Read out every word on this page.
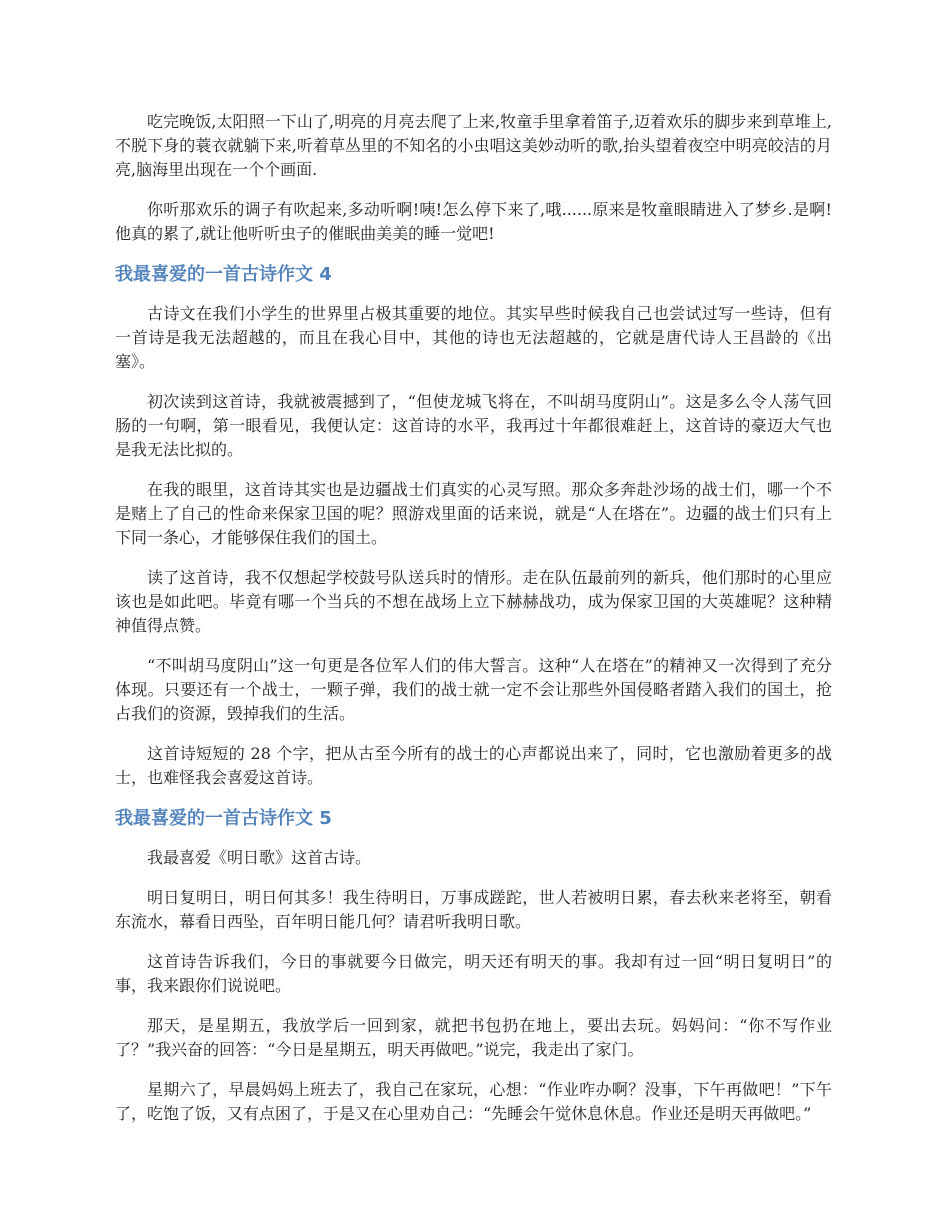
吃完晚饭,太阳照一下山了,明亮的月亮去爬了上来,牧童手里拿着笛子,迈着欢乐的脚步来到草堆上,不脱下身的蓑衣就躺下来,听着草丛里的不知名的小虫唱这美妙动听的歌,抬头望着夜空中明亮皎洁的月亮,脑海里出现在一个个画面.

你听那欢乐的调子有吹起来,多动听啊!咦!怎么停下来了,哦......原来是牧童眼睛进入了梦乡.是啊!他真的累了,就让他听听虫子的催眠曲美美的睡一觉吧!

我最喜爱的一首古诗作文 4

古诗文在我们小学生的世界里占极其重要的地位。其实早些时候我自己也尝试过写一些诗，但有一首诗是我无法超越的，而且在我心目中，其他的诗也无法超越的，它就是唐代诗人王昌龄的《出塞》。

初次读到这首诗，我就被震撼到了，“但使龙城飞将在，不叫胡马度阴山”。这是多么令人荡气回肠的一句啊，第一眼看见，我便认定：这首诗的水平，我再过十年都很难赶上，这首诗的豪迈大气也是我无法比拟的。

在我的眼里，这首诗其实也是边疆战士们真实的心灵写照。那众多奔赴沙场的战士们，哪一个不是赌上了自己的性命来保家卫国的呢？照游戏里面的话来说，就是“人在塔在”。边疆的战士们只有上下同一条心，才能够保住我们的国土。

读了这首诗，我不仅想起学校鼓号队送兵时的情形。走在队伍最前列的新兵，他们那时的心里应该也是如此吧。毕竟有哪一个当兵的不想在战场上立下赫赫战功，成为保家卫国的大英雄呢？这种精神值得点赞。

“不叫胡马度阴山”这一句更是各位军人们的伟大誓言。这种“人在塔在”的精神又一次得到了充分体现。只要还有一个战士，一颗子弹，我们的战士就一定不会让那些外国侵略者踏入我们的国土，抢占我们的资源，毁掉我们的生活。

这首诗短短的 28 个字，把从古至今所有的战士的心声都说出来了，同时，它也激励着更多的战士，也难怪我会喜爱这首诗。

我最喜爱的一首古诗作文 5

我最喜爱《明日歌》这首古诗。

明日复明日，明日何其多！我生待明日，万事成蹉跎，世人若被明日累，春去秋来老将至，朝看东流水，幕看日西坠，百年明日能几何？请君听我明日歌。

这首诗告诉我们，今日的事就要今日做完，明天还有明天的事。我却有过一回“明日复明日”的事，我来跟你们说说吧。

那天，是星期五，我放学后一回到家，就把书包扔在地上，要出去玩。妈妈问：“你不写作业了？”我兴奋的回答：“今日是星期五，明天再做吧。”说完，我走出了家门。

星期六了，早晨妈妈上班去了，我自己在家玩，心想：“作业咋办啊？没事，下午再做吧！”下午了，吃饱了饭，又有点困了，于是又在心里劝自己：“先睡会午觉休息休息。作业还是明天再做吧。”
